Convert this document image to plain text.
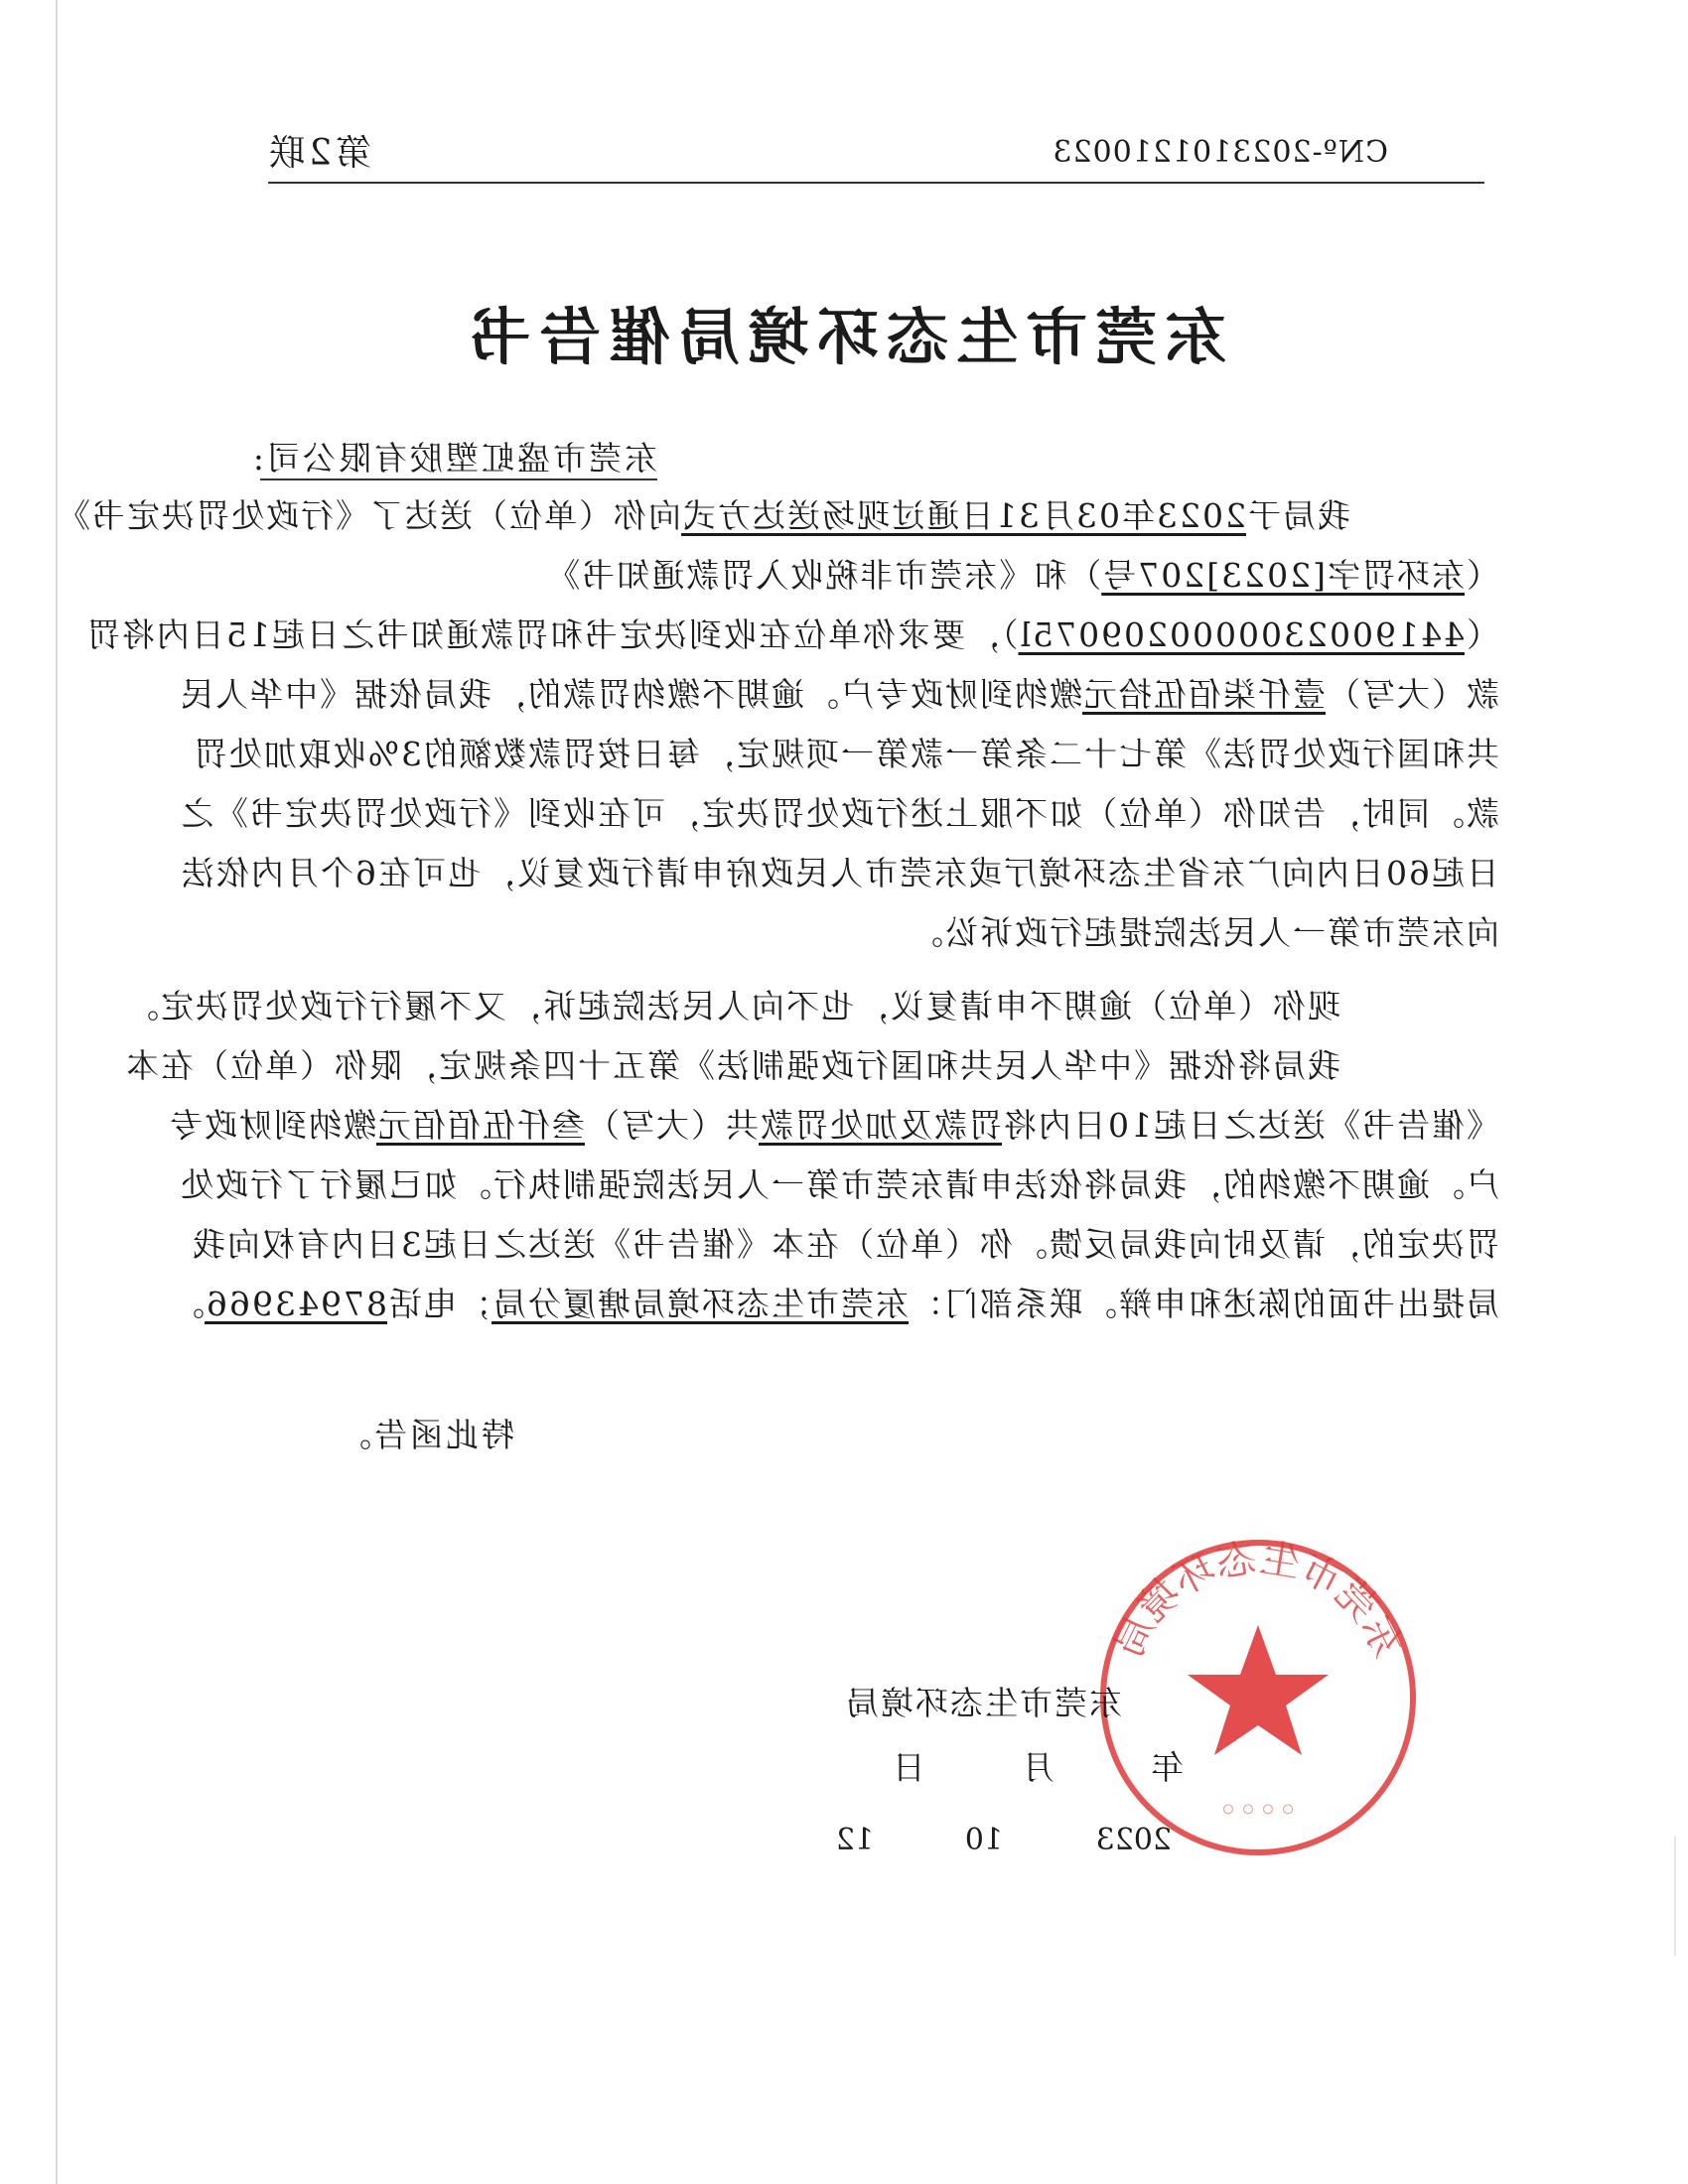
第2联	CNº-2023101210023
东莞市生态环境局催告书
东莞市盛虹塑胶有限公司:
我局于2023年03月31日通过现场送达方式向你（单位）送达了《行政处罚决定书》
（东环罚字[2023]207号）和《东莞市非税收入罚款通知书》
（4419002300000209075l），要求你单位在收到决定书和罚款通知书之日起15日内将罚
款（大写）壹仟柒佰伍拾元缴纳到财政专户。逾期不缴纳罚款的，我局依据《中华人民
共和国行政处罚法》第七十二条第一款第一项规定，每日按罚款数额的3%收取加处罚
款。同时，告知你（单位）如不服上述行政处罚决定，可在收到《行政处罚决定书》之
日起60日内向广东省生态环境厅或东莞市人民政府申请行政复议，也可在6个月内依法
向东莞市第一人民法院提起行政诉讼。
现你（单位）逾期不申请复议，也不向人民法院起诉，又不履行行政处罚决定。
我局将依据《中华人民共和国行政强制法》第五十四条规定，限你（单位）在本
《催告书》送达之日起10日内将罚款及加处罚款共（大写）叁仟伍佰佰元缴纳到财政专
户。逾期不缴纳的，我局将依法申请东莞市第一人民法院强制执行。如已履行了行政处
罚决定的，请及时向我局反馈。你（单位）在本《催告书》送达之日起3日内有权向我
局提出书面的陈述和申辩。联系部门：东莞市生态环境局塘厦分局；电话87943966。
特此函告。
东莞市生态环境局
◦◦◦◦
东莞市生态环境局
年月日
20231012
